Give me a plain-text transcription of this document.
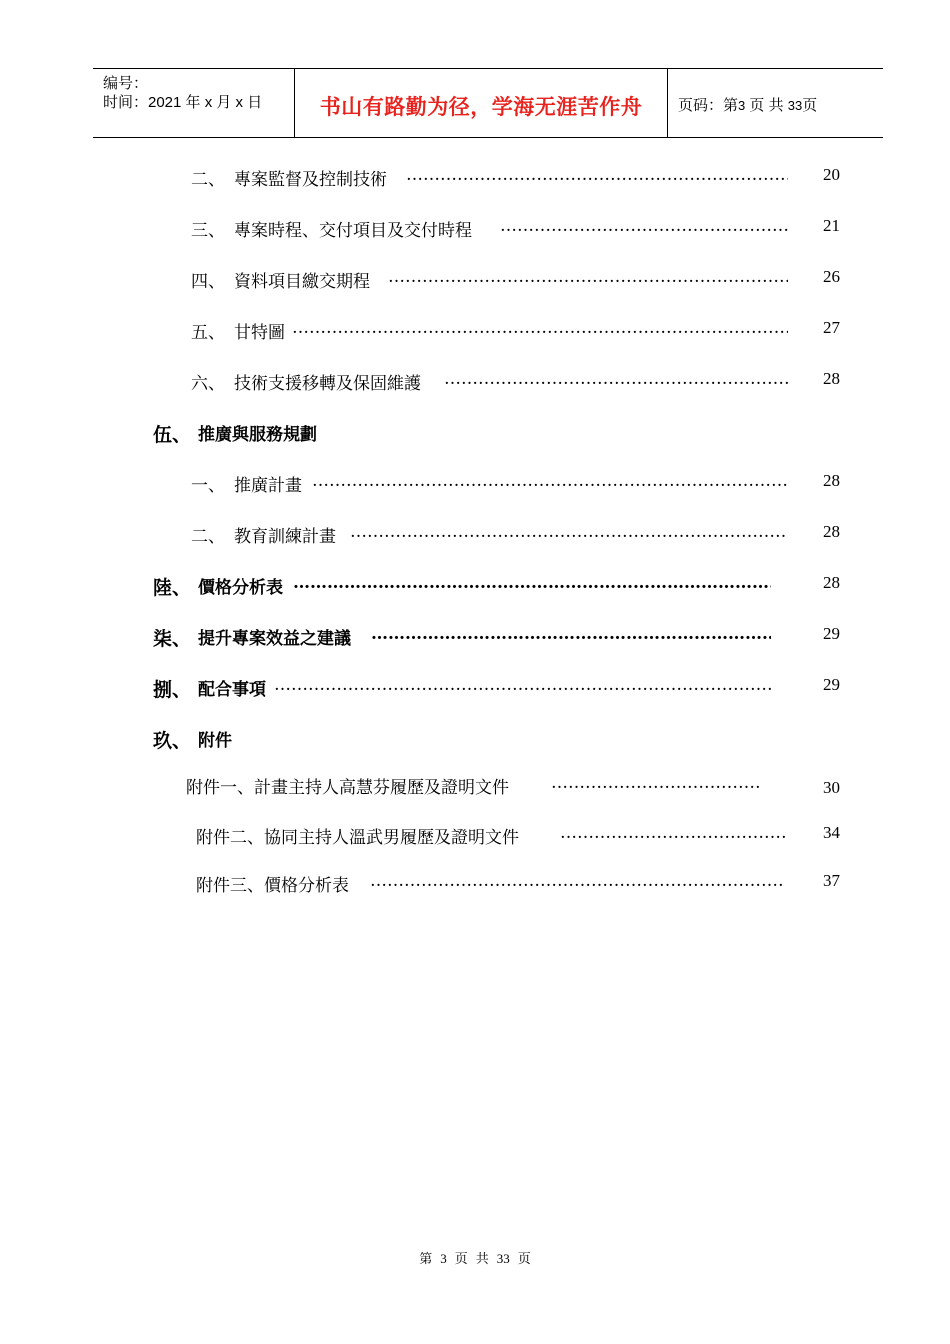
编号：
时间：2021 年 x 月 x 日	书山有路勤为径，学海无涯苦作舟	页码：第3 页 共 33页
二、 專案監督及控制技術 …………………………………………………………………………………………………………………………………………………………………	20
三、 專案時程、交付項目及交付時程 …………………………………………………………………………………………………………………………………………………………………	21
四、 資料項目繳交期程 …………………………………………………………………………………………………………………………………………………………………	26
五、 甘特圖 …………………………………………………………………………………………………………………………………………………………………	27
六、 技術支援移轉及保固維護 …………………………………………………………………………………………………………………………………………………………………	28
伍、 推廣與服務規劃
一、 推廣計畫 …………………………………………………………………………………………………………………………………………………………………	28
二、 教育訓練計畫 …………………………………………………………………………………………………………………………………………………………………	28
陸、 價格分析表 …………………………………………………………………………………………………………………………………………………………………	28
柒、 提升專案效益之建議 …………………………………………………………………………………………………………………………………………………………………	29
捌、 配合事項 …………………………………………………………………………………………………………………………………………………………………	29
玖、 附件
附件一、計畫主持人高慧芬履歷及證明文件 …………………………………………………………………………………………………………………………………………………………………	30
附件二、協同主持人溫武男履歷及證明文件 …………………………………………………………………………………………………………………………………………………………………	34
附件三、價格分析表 …………………………………………………………………………………………………………………………………………………………………	37
第 3 页 共 33 页
